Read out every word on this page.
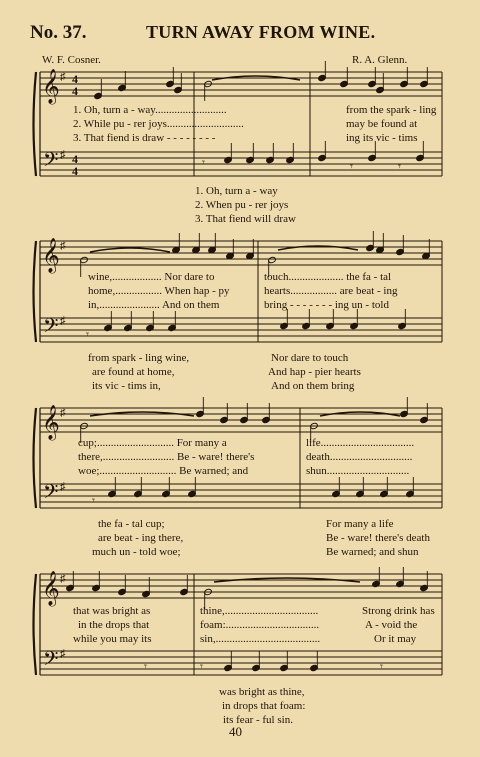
No. 37.	TURN AWAY FROM WINE.
W. F. Cosner.	R. A. Glenn.
𝄞
𝄢
♯
♯
4
4
4
4
𝄞
𝄢
♯
♯
𝄞
𝄢
♯
♯
𝄞
𝄢
♯
♯
𝄾	𝄾	𝄾
𝄾
𝄾
𝄾
𝄾	𝄾
1. Oh, turn a - way..........................	from the spark - ling
2. While pu - rer joys............................	may be found at
3. That fiend is draw - - - - - - - -	ing its vic - tims
1. Oh, turn a - way
2. When pu - rer joys
3. That fiend will draw
wine,.................. Nor dare to	touch.................... the fa - tal
home,................. When hap - py	hearts................. are beat - ing
in,...................... And on them	bring - - - - - - - ing un - told
from spark - ling wine,	Nor dare to touch
are found at home,	And hap - pier hearts
its vic - tims in,	And on them bring
cup;............................ For many a	life..................................
there,.......................... Be - ware! there's	death..............................
woe;............................ Be warned; and	shun..............................
the fa - tal cup;	For many a life
are beat - ing there,	Be - ware! there's death
much un - told woe;	Be warned; and shun
that was bright as	thine,..................................	Strong drink has
in the drops that	foam:..................................	A - void the
while you may its	sin,......................................	Or it may
was bright as thine,
in drops that foam:
its fear - ful sin.
40
